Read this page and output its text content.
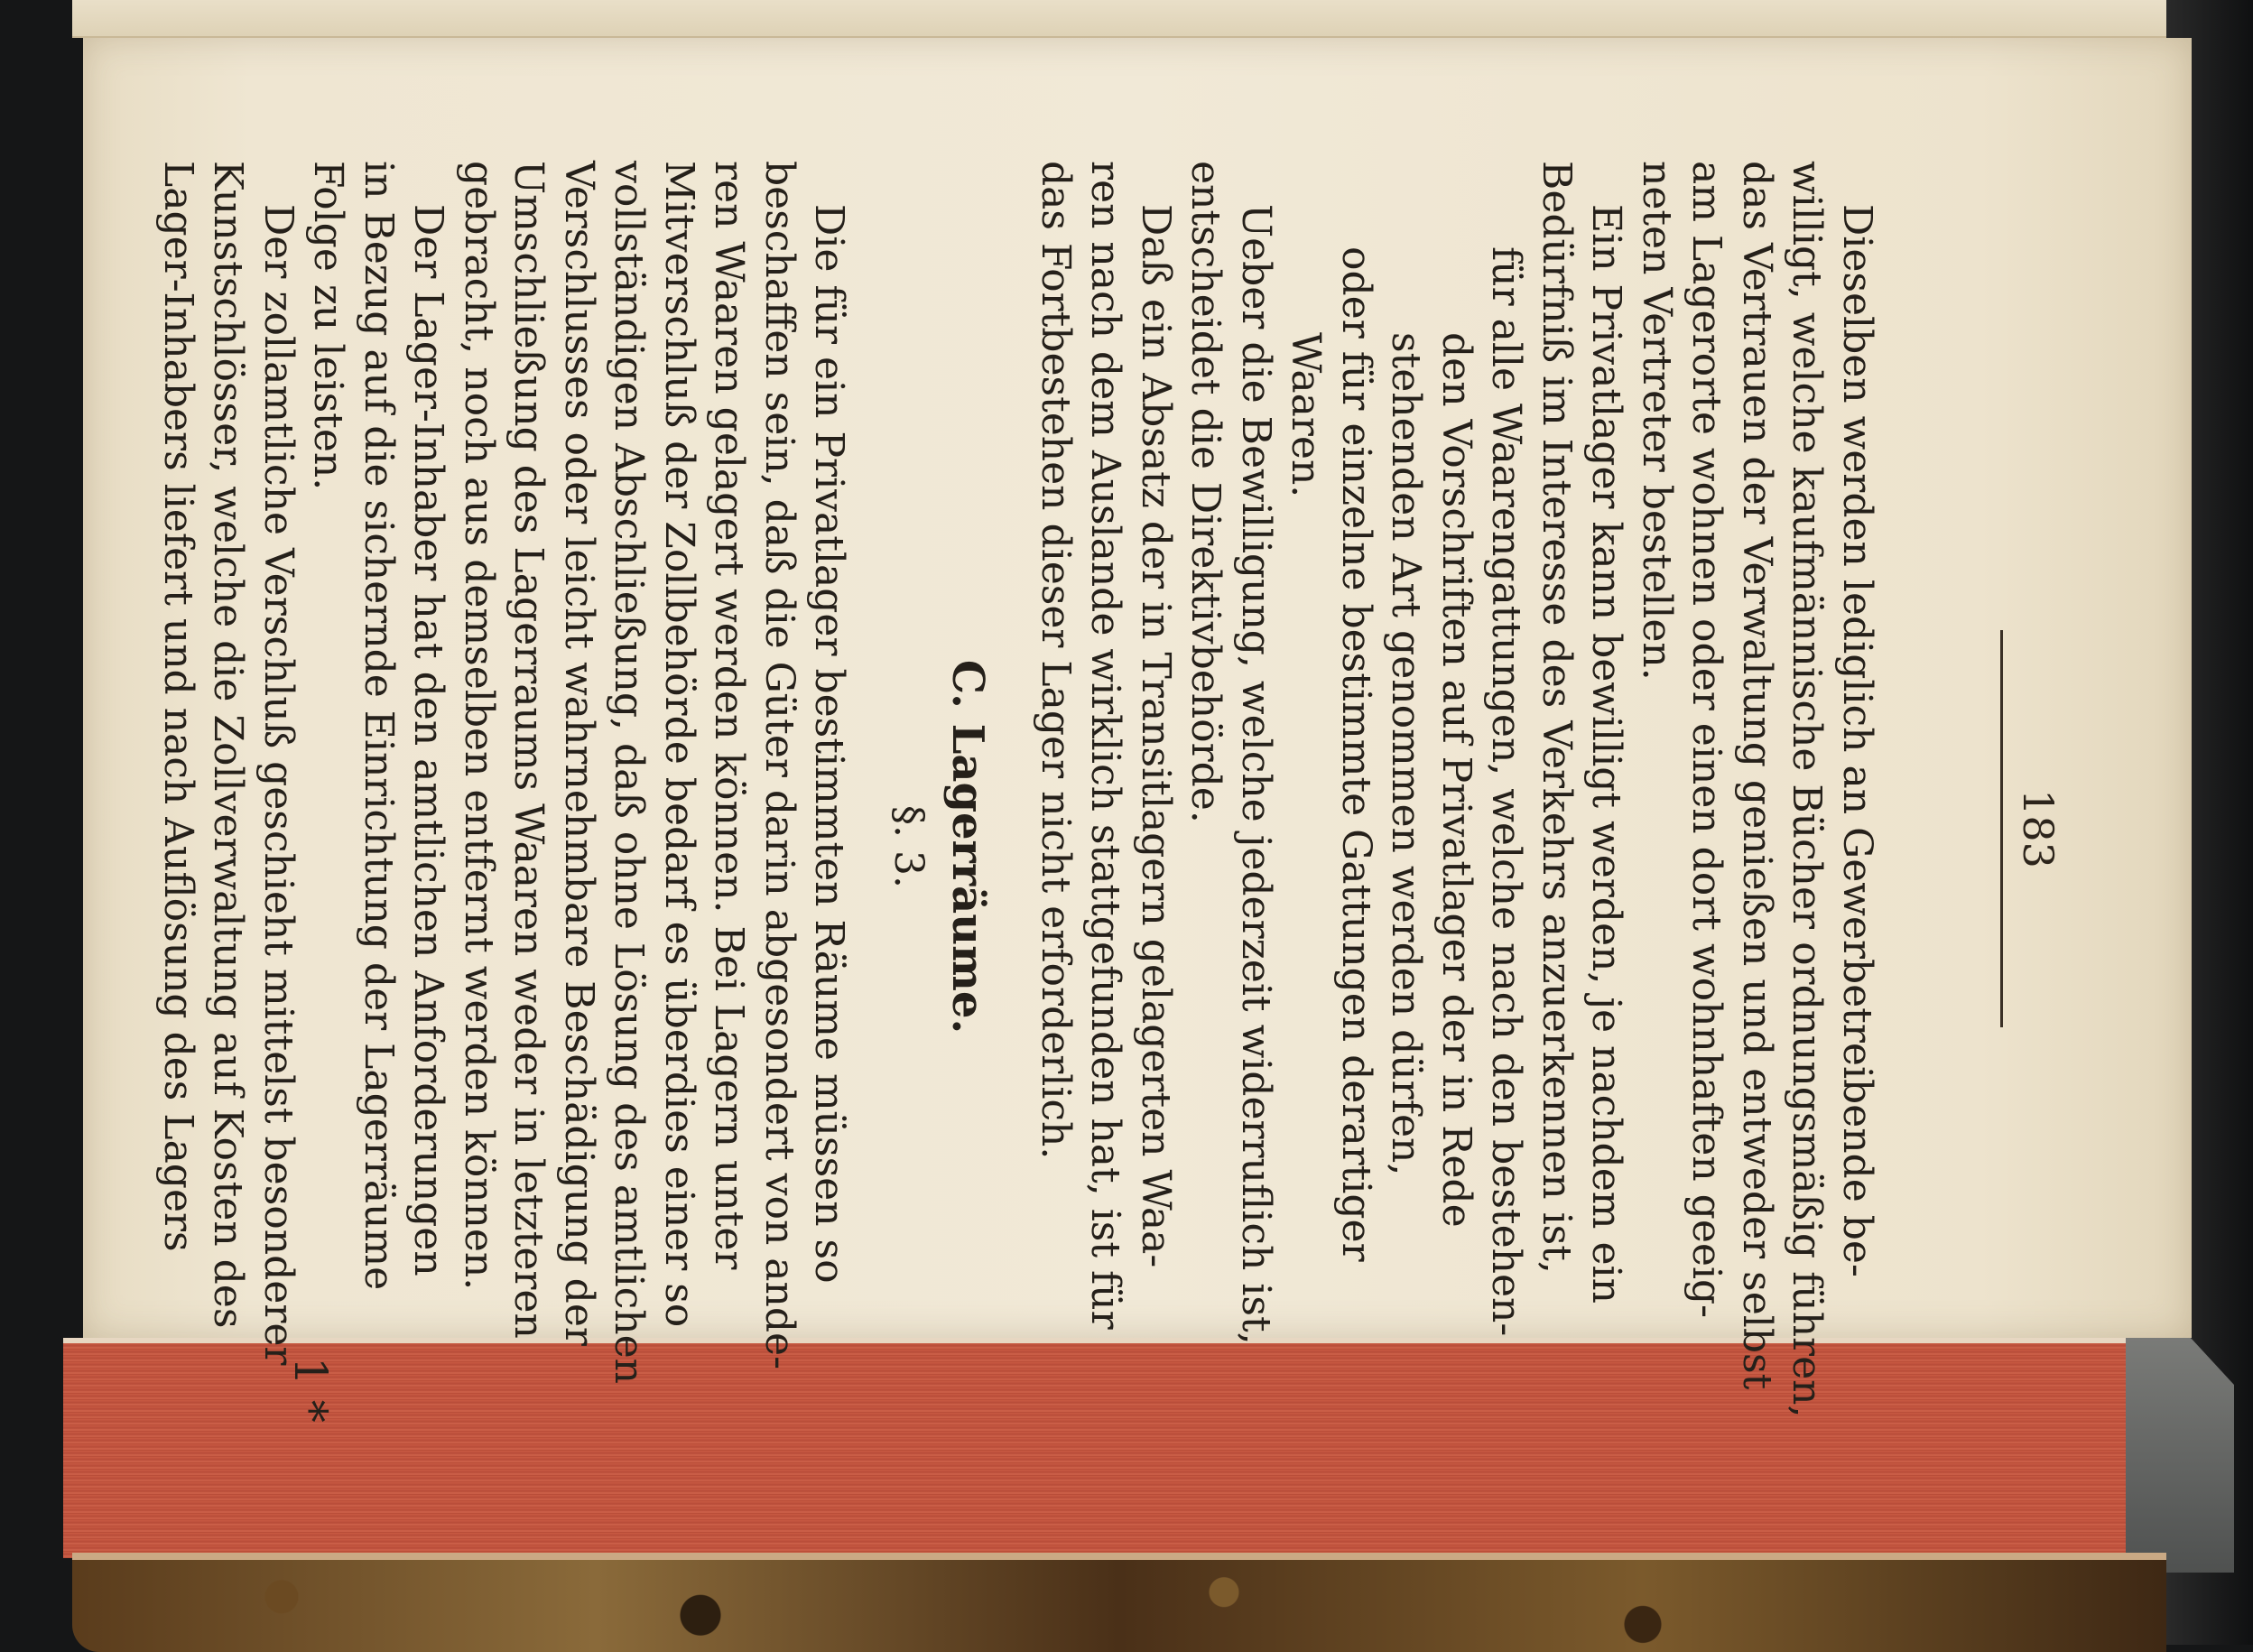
183

Dieselben werden lediglich an Gewerbetreibende be-

willigt, welche kaufmännische Bücher ordnungsmäßig führen,

das Vertrauen der Verwaltung genießen und entweder selbst

am Lagerorte wohnen oder einen dort wohnhaften geeig-

neten Vertreter bestellen.

Ein Privatlager kann bewilligt werden, je nachdem ein

Bedürfniß im Interesse des Verkehrs anzuerkennen ist,

für alle Waarengattungen, welche nach den bestehen-

den Vorschriften auf Privatlager der in Rede

stehenden Art genommen werden dürfen,

oder für einzelne bestimmte Gattungen derartiger

Waaren.

Ueber die Bewilligung, welche jederzeit widerruflich ist,

entscheidet die Direktivbehörde.

Daß ein Absatz der in Transitlagern gelagerten Waa-

ren nach dem Auslande wirklich stattgefunden hat, ist für

das Fortbestehen dieser Lager nicht erforderlich.

C. Lagerräume.

§. 3.

Die für ein Privatlager bestimmten Räume müssen so

beschaffen sein, daß die Güter darin abgesondert von ande-

ren Waaren gelagert werden können. Bei Lagern unter

Mitverschluß der Zollbehörde bedarf es überdies einer so

vollständigen Abschließung, daß ohne Lösung des amtlichen

Verschlusses oder leicht wahrnehmbare Beschädigung der

Umschließung des Lagerraums Waaren weder in letzteren

gebracht, noch aus demselben entfernt werden können.

Der Lager-Inhaber hat den amtlichen Anforderungen

in Bezug auf die sichernde Einrichtung der Lagerräume

Folge zu leisten.

Der zollamtliche Verschluß geschieht mittelst besonderer

Kunstschlösser, welche die Zollverwaltung auf Kosten des

Lager-Inhabers liefert und nach Auflösung des Lagers

1 *
